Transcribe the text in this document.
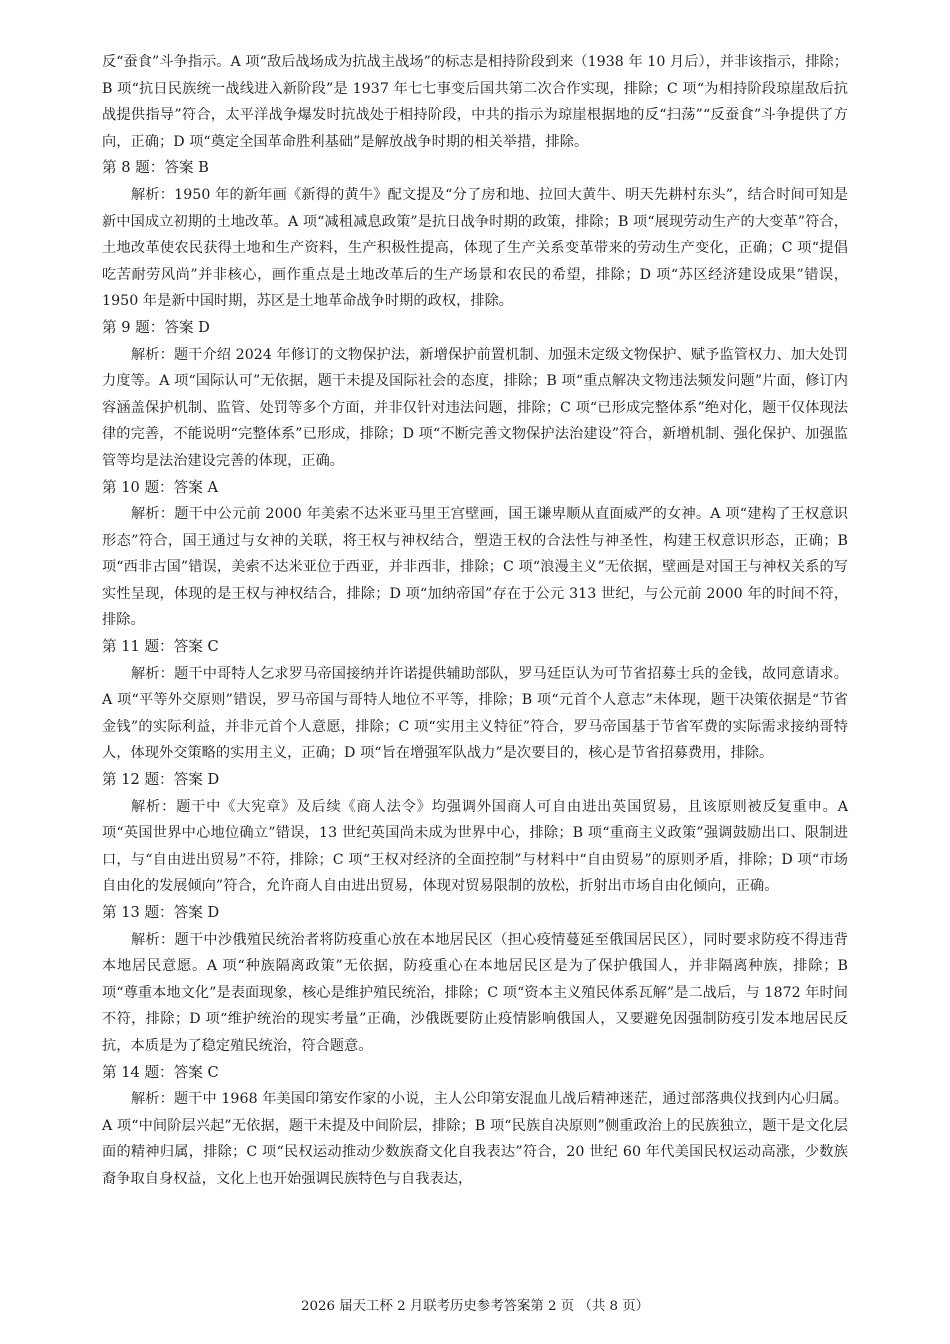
反“蚕食”斗争指示。A 项“敌后战场成为抗战主战场”的标志是相持阶段到来（1938 年 10 月后），并非该指示，排除；B 项“抗日民族统一战线进入新阶段”是 1937 年七七事变后国共第二次合作实现，排除；C 项“为相持阶段琼崖敌后抗战提供指导”符合，太平洋战争爆发时抗战处于相持阶段，中共的指示为琼崖根据地的反“扫荡”“反蚕食”斗争提供了方向，正确；D 项“奠定全国革命胜利基础”是解放战争时期的相关举措，排除。

第 8 题：答案 B

解析：1950 年的新年画《新得的黄牛》配文提及“分了房和地、拉回大黄牛、明天先耕村东头”，结合时间可知是新中国成立初期的土地改革。A 项“减租减息政策”是抗日战争时期的政策，排除；B 项“展现劳动生产的大变革”符合，土地改革使农民获得土地和生产资料，生产积极性提高，体现了生产关系变革带来的劳动生产变化，正确；C 项“提倡吃苦耐劳风尚”并非核心，画作重点是土地改革后的生产场景和农民的希望，排除；D 项“苏区经济建设成果”错误，1950 年是新中国时期，苏区是土地革命战争时期的政权，排除。

第 9 题：答案 D

解析：题干介绍 2024 年修订的文物保护法，新增保护前置机制、加强未定级文物保护、赋予监管权力、加大处罚力度等。A 项“国际认可”无依据，题干未提及国际社会的态度，排除；B 项“重点解决文物违法频发问题”片面，修订内容涵盖保护机制、监管、处罚等多个方面，并非仅针对违法问题，排除；C 项“已形成完整体系”绝对化，题干仅体现法律的完善，不能说明“完整体系”已形成，排除；D 项“不断完善文物保护法治建设”符合，新增机制、强化保护、加强监管等均是法治建设完善的体现，正确。

第 10 题：答案 A

解析：题干中公元前 2000 年美索不达米亚马里王宫壁画，国王谦卑顺从直面威严的女神。A 项“建构了王权意识形态”符合，国王通过与女神的关联，将王权与神权结合，塑造王权的合法性与神圣性，构建王权意识形态，正确；B 项“西非古国”错误，美索不达米亚位于西亚，并非西非，排除；C 项“浪漫主义”无依据，壁画是对国王与神权关系的写实性呈现，体现的是王权与神权结合，排除；D 项“加纳帝国”存在于公元 313 世纪，与公元前 2000 年的时间不符，排除。

第 11 题：答案 C

解析：题干中哥特人乞求罗马帝国接纳并许诺提供辅助部队，罗马廷臣认为可节省招募士兵的金钱，故同意请求。A 项“平等外交原则”错误，罗马帝国与哥特人地位不平等，排除；B 项“元首个人意志”未体现，题干决策依据是“节省金钱”的实际利益，并非元首个人意愿，排除；C 项“实用主义特征”符合，罗马帝国基于节省军费的实际需求接纳哥特人，体现外交策略的实用主义，正确；D 项“旨在增强军队战力”是次要目的，核心是节省招募费用，排除。

第 12 题：答案 D

解析：题干中《大宪章》及后续《商人法令》均强调外国商人可自由进出英国贸易，且该原则被反复重申。A 项“英国世界中心地位确立”错误，13 世纪英国尚未成为世界中心，排除；B 项“重商主义政策”强调鼓励出口、限制进口，与“自由进出贸易”不符，排除；C 项“王权对经济的全面控制”与材料中“自由贸易”的原则矛盾，排除；D 项“市场自由化的发展倾向”符合，允许商人自由进出贸易，体现对贸易限制的放松，折射出市场自由化倾向，正确。

第 13 题：答案 D

解析：题干中沙俄殖民统治者将防疫重心放在本地居民区（担心疫情蔓延至俄国居民区），同时要求防疫不得违背本地居民意愿。A 项“种族隔离政策”无依据，防疫重心在本地居民区是为了保护俄国人，并非隔离种族，排除；B 项“尊重本地文化”是表面现象，核心是维护殖民统治，排除；C 项“资本主义殖民体系瓦解”是二战后，与 1872 年时间不符，排除；D 项“维护统治的现实考量”正确，沙俄既要防止疫情影响俄国人，又要避免因强制防疫引发本地居民反抗，本质是为了稳定殖民统治，符合题意。

第 14 题：答案 C

解析：题干中 1968 年美国印第安作家的小说，主人公印第安混血儿战后精神迷茫，通过部落典仪找到内心归属。A 项“中间阶层兴起”无依据，题干未提及中间阶层，排除；B 项“民族自决原则”侧重政治上的民族独立，题干是文化层面的精神归属，排除；C 项“民权运动推动少数族裔文化自我表达”符合，20 世纪 60 年代美国民权运动高涨，少数族裔争取自身权益，文化上也开始强调民族特色与自我表达，

2026 届天工杯 2 月联考历史参考答案第 2 页 （共 8 页）
